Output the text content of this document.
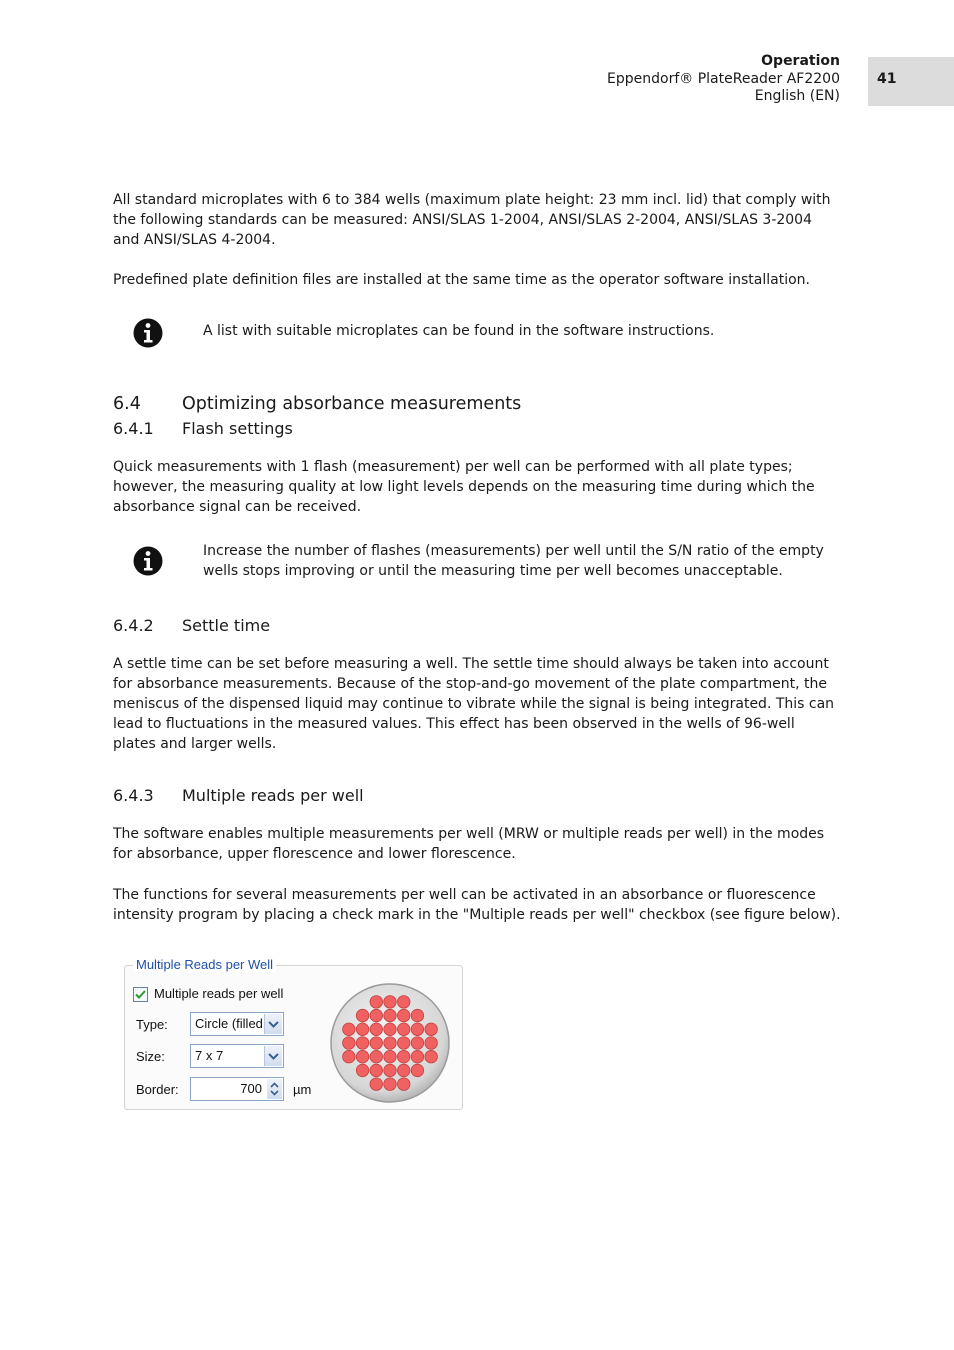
Operation
Eppendorf® PlateReader AF2200
English (EN)
41

All standard microplates with 6 to 384 wells (maximum plate height: 23 mm incl. lid) that comply with the following standards can be measured: ANSI/SLAS 1-2004, ANSI/SLAS 2-2004, ANSI/SLAS 3-2004 and ANSI/SLAS 4-2004.

Predefined plate definition files are installed at the same time as the operator software installation.

A list with suitable microplates can be found in the software instructions.

6.4 Optimizing absorbance measurements
6.4.1 Flash settings

Quick measurements with 1 flash (measurement) per well can be performed with all plate types; however, the measuring quality at low light levels depends on the measuring time during which the absorbance signal can be received.

Increase the number of flashes (measurements) per well until the S/N ratio of the empty wells stops improving or until the measuring time per well becomes unacceptable.

6.4.2 Settle time

A settle time can be set before measuring a well. The settle time should always be taken into account for absorbance measurements. Because of the stop-and-go movement of the plate compartment, the meniscus of the dispensed liquid may continue to vibrate while the signal is being integrated. This can lead to fluctuations in the measured values. This effect has been observed in the wells of 96-well plates and larger wells.

6.4.3 Multiple reads per well

The software enables multiple measurements per well (MRW or multiple reads per well) in the modes for absorbance, upper florescence and lower florescence.

The functions for several measurements per well can be activated in an absorbance or fluorescence intensity program by placing a check mark in the "Multiple reads per well" checkbox (see figure below).

Multiple Reads per Well
Multiple reads per well
Type: Circle (filled
Size: 7 x 7
Border:	700 µm
